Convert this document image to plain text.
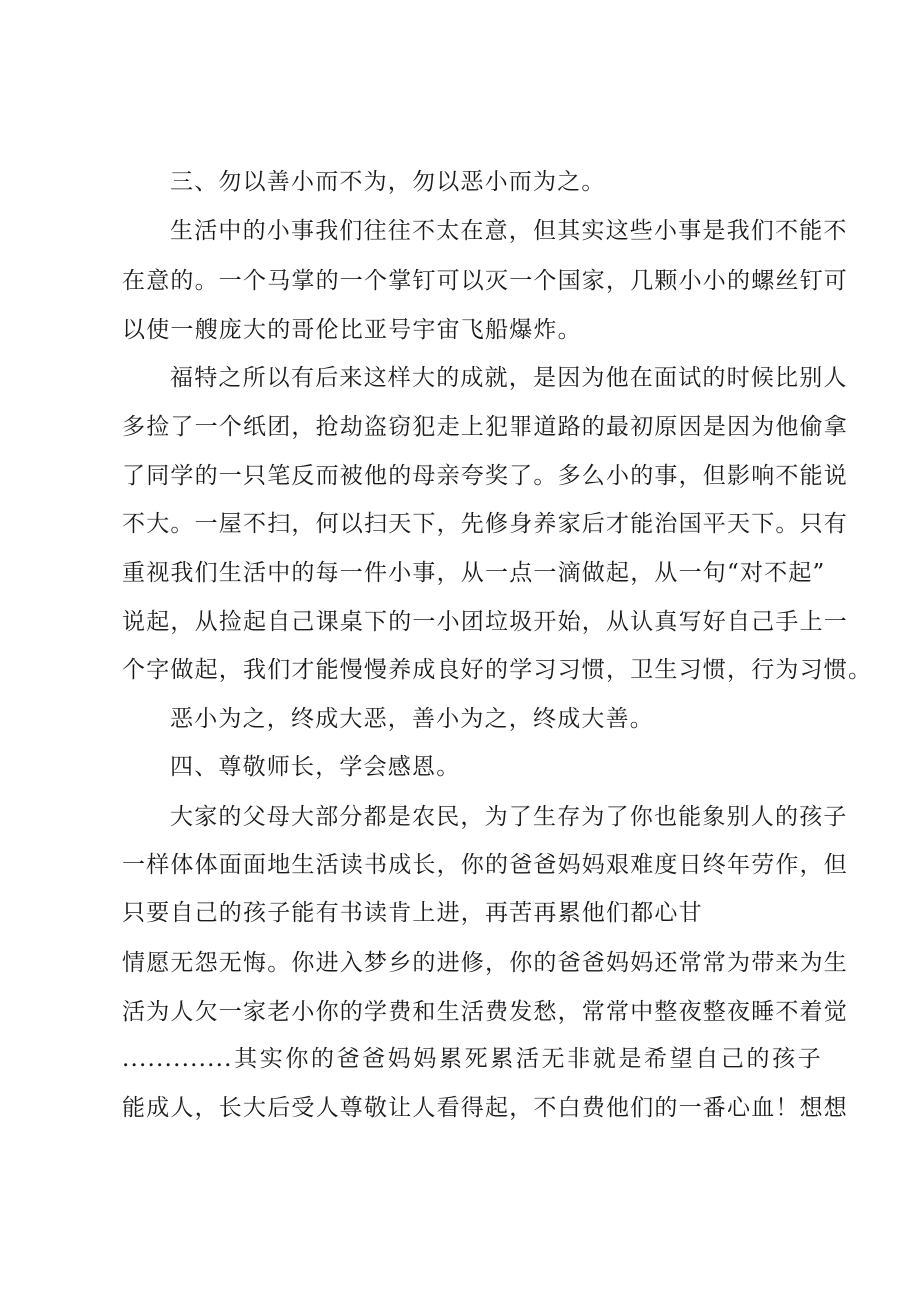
三、勿以善小而不为，勿以恶小而为之。
生活中的小事我们往往不太在意，但其实这些小事是我们不能不
在意的。一个马掌的一个掌钉可以灭一个国家，几颗小小的螺丝钉可
以使一艘庞大的哥伦比亚号宇宙飞船爆炸。
福特之所以有后来这样大的成就，是因为他在面试的时候比别人
多捡了一个纸团，抢劫盗窃犯走上犯罪道路的最初原因是因为他偷拿
了同学的一只笔反而被他的母亲夸奖了。多么小的事，但影响不能说
不大。一屋不扫，何以扫天下，先修身养家后才能治国平天下。只有
重视我们生活中的每一件小事，从一点一滴做起，从一句“对不起”
说起，从捡起自己课桌下的一小团垃圾开始，从认真写好自己手上一
个字做起，我们才能慢慢养成良好的学习习惯，卫生习惯，行为习惯。
恶小为之，终成大恶，善小为之，终成大善。
四、尊敬师长，学会感恩。
大家的父母大部分都是农民，为了生存为了你也能象别人的孩子
一样体体面面地生活读书成长，你的爸爸妈妈艰难度日终年劳作，但
只要自己的孩子能有书读肯上进，再苦再累他们都心甘
情愿无怨无悔。你进入梦乡的进修，你的爸爸妈妈还常常为带来为生
活为人欠一家老小你的学费和生活费发愁，常常中整夜整夜睡不着觉
.............其实你的爸爸妈妈累死累活无非就是希望自己的孩子
能成人，长大后受人尊敬让人看得起，不白费他们的一番心血！想想
